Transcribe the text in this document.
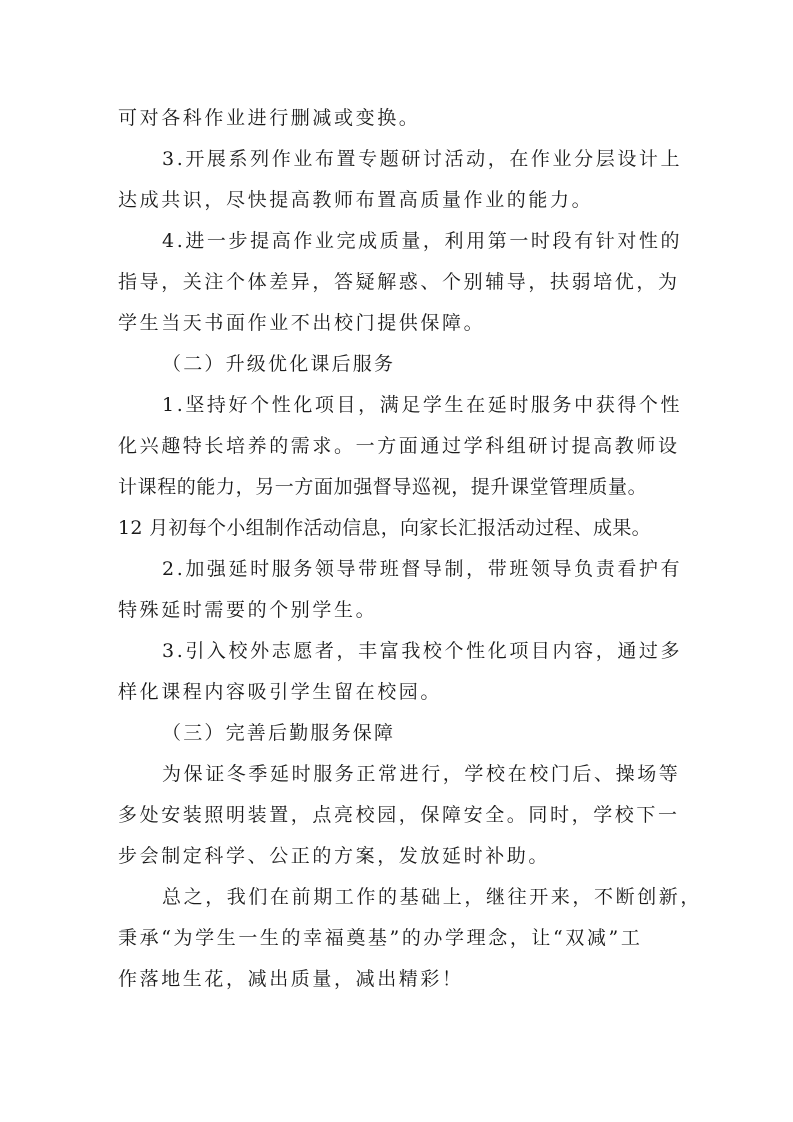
可对各科作业进行删减或变换。
3.开展系列作业布置专题研讨活动，在作业分层设计上
达成共识，尽快提高教师布置高质量作业的能力。
4.进一步提高作业完成质量，利用第一时段有针对性的
指导，关注个体差异，答疑解惑、个别辅导，扶弱培优，为
学生当天书面作业不出校门提供保障。
（二）升级优化课后服务
1.坚持好个性化项目，满足学生在延时服务中获得个性
化兴趣特长培养的需求。一方面通过学科组研讨提高教师设
计课程的能力，另一方面加强督导巡视，提升课堂管理质量。
12 月初每个小组制作活动信息，向家长汇报活动过程、成果。
2.加强延时服务领导带班督导制，带班领导负责看护有
特殊延时需要的个别学生。
3.引入校外志愿者，丰富我校个性化项目内容，通过多
样化课程内容吸引学生留在校园。
（三）完善后勤服务保障
为保证冬季延时服务正常进行，学校在校门后、操场等
多处安装照明装置，点亮校园，保障安全。同时，学校下一
步会制定科学、公正的方案，发放延时补助。
总之，我们在前期工作的基础上，继往开来，不断创新，
秉承“为学生一生的幸福奠基”的办学理念，让“双减”工
作落地生花，减出质量，减出精彩！
